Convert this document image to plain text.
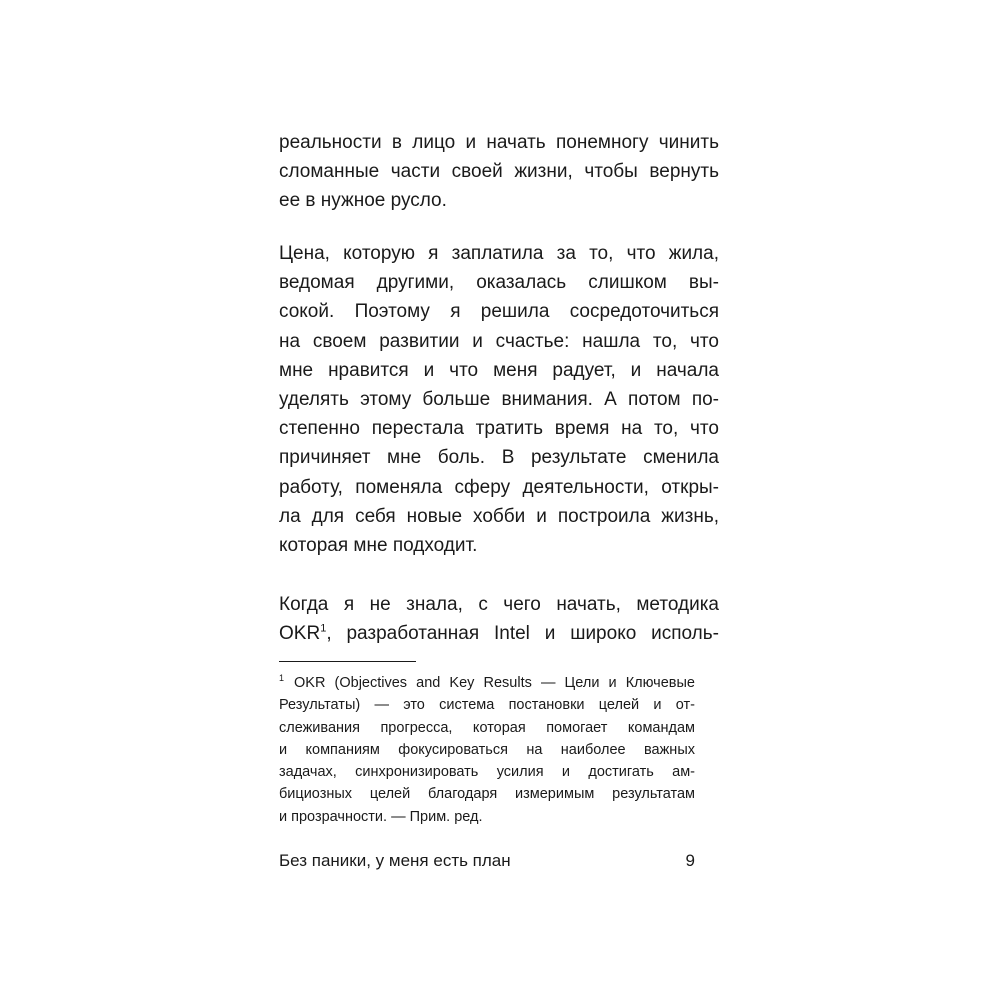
реальности в лицо и начать понемногу чинить
сломанные части своей жизни, чтобы вернуть
ее в нужное русло.
Цена, которую я заплатила за то, что жила,
ведомая другими, оказалась слишком вы-
сокой. Поэтому я решила сосредоточиться
на своем развитии и счастье: нашла то, что
мне нравится и что меня радует, и начала
уделять этому больше внимания. А потом по-
степенно перестала тратить время на то, что
причиняет мне боль. В результате сменила
работу, поменяла сферу деятельности, откры-
ла для себя новые хобби и построила жизнь,
которая мне подходит.
Когда я не знала, с чего начать, методика
OKR$^1$, разработанная Intel и широко исполь-
$^1$ OKR (Objectives and Key Results — Цели и Ключевые
Результаты) — это система постановки целей и от-
слеживания прогресса, которая помогает командам
и компаниям фокусироваться на наиболее важных
задачах, синхронизировать усилия и достигать ам-
бициозных целей благодаря измеримым результатам
и прозрачности. — Прим. ред.
Без паники, у меня есть план	9
